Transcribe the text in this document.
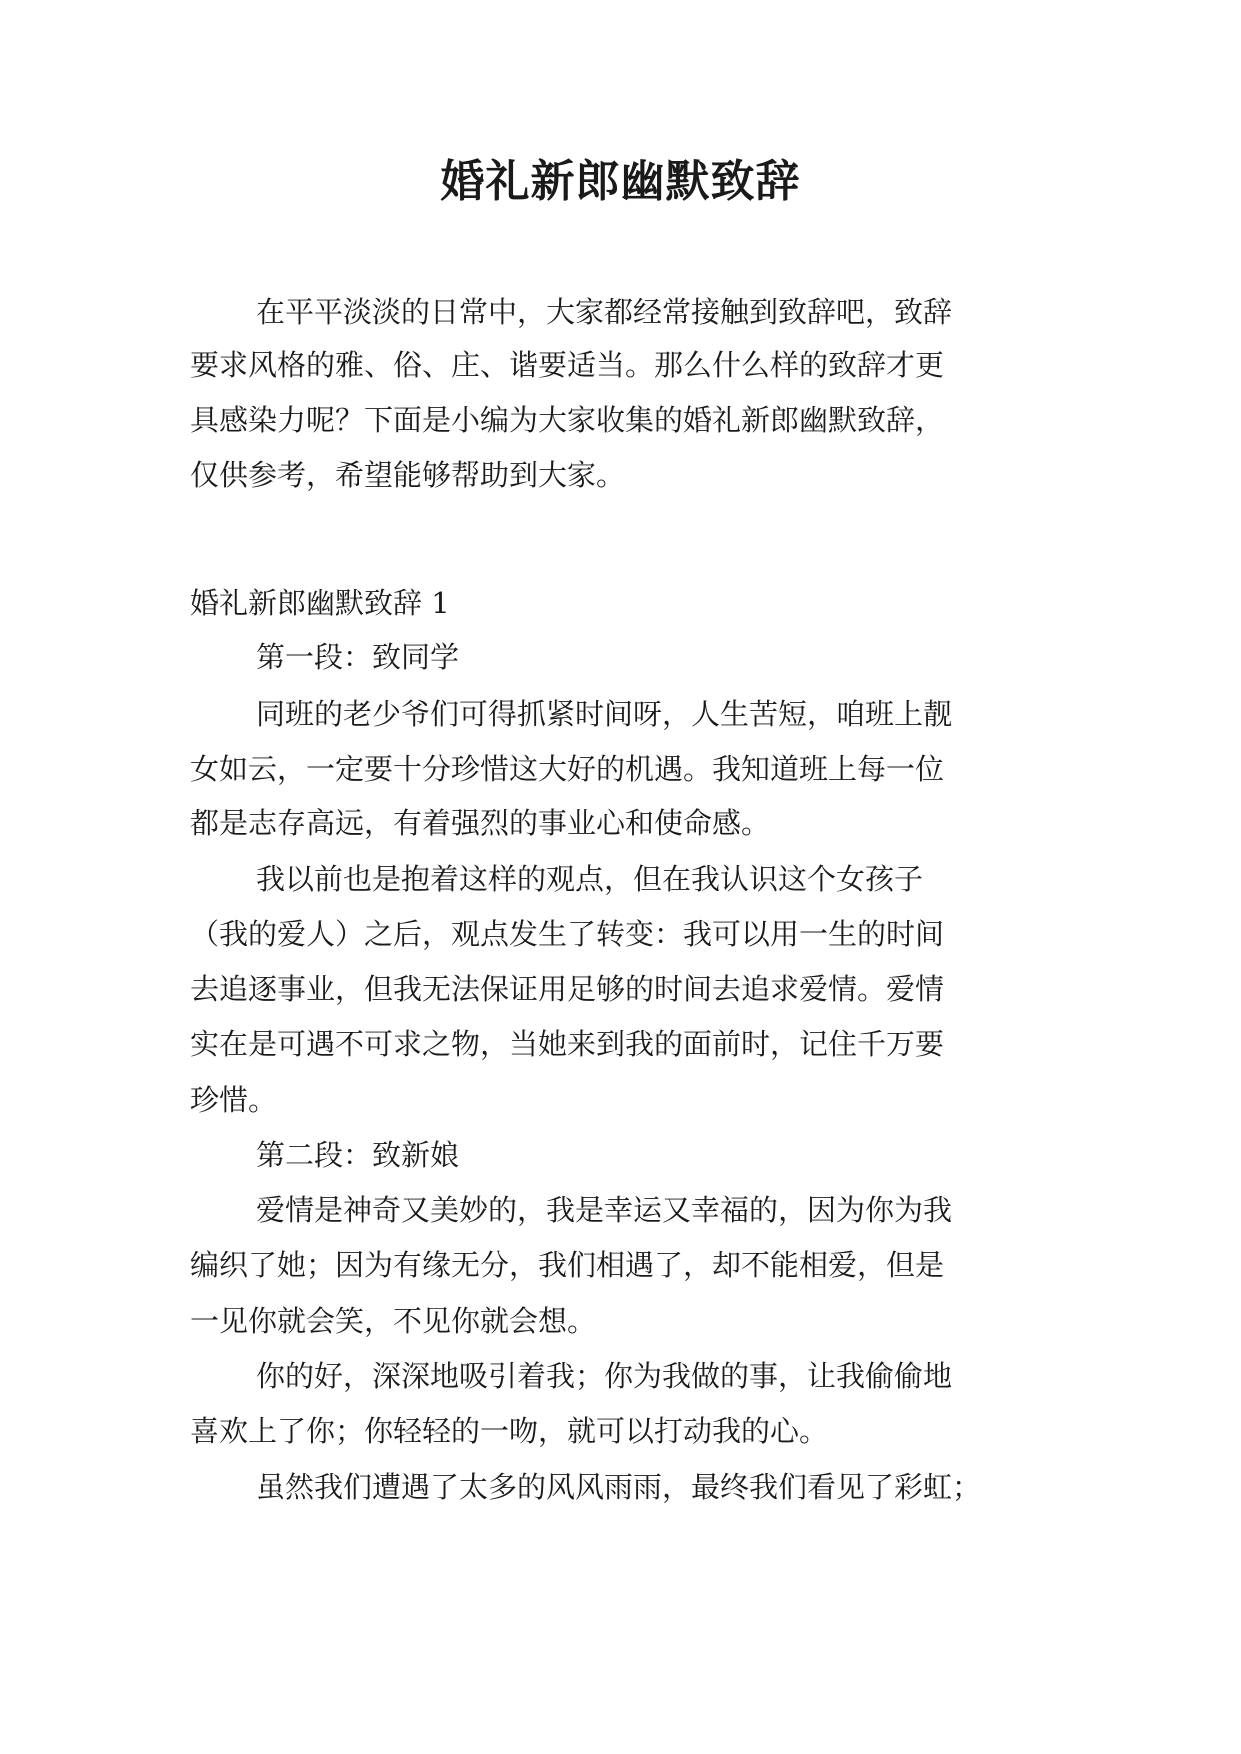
婚礼新郎幽默致辞

在平平淡淡的日常中，大家都经常接触到致辞吧，致辞

要求风格的雅、俗、庄、谐要适当。那么什么样的致辞才更

具感染力呢？下面是小编为大家收集的婚礼新郎幽默致辞，

仅供参考，希望能够帮助到大家。

婚礼新郎幽默致辞 1

第一段：致同学

同班的老少爷们可得抓紧时间呀，人生苦短，咱班上靓

女如云，一定要十分珍惜这大好的机遇。我知道班上每一位

都是志存高远，有着强烈的事业心和使命感。

我以前也是抱着这样的观点，但在我认识这个女孩子

（我的爱人）之后，观点发生了转变：我可以用一生的时间

去追逐事业，但我无法保证用足够的时间去追求爱情。爱情

实在是可遇不可求之物，当她来到我的面前时，记住千万要

珍惜。

第二段：致新娘

爱情是神奇又美妙的，我是幸运又幸福的，因为你为我

编织了她；因为有缘无分，我们相遇了，却不能相爱，但是

一见你就会笑，不见你就会想。

你的好，深深地吸引着我；你为我做的事，让我偷偷地

喜欢上了你；你轻轻的一吻，就可以打动我的心。

虽然我们遭遇了太多的风风雨雨，最终我们看见了彩虹；
